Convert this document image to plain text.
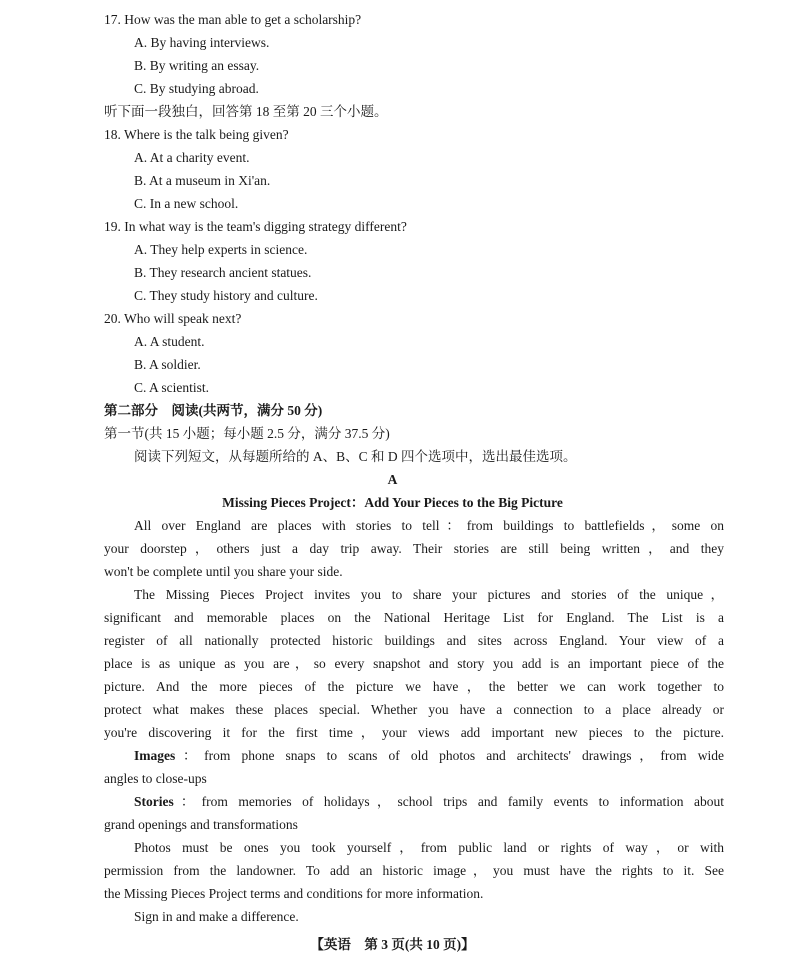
17. How was the man able to get a scholarship?
A. By having interviews.
B. By writing an essay.
C. By studying abroad.
听下面一段独白，回答第 18 至第 20 三个小题。
18. Where is the talk being given?
A. At a charity event.
B. At a museum in Xi'an.
C. In a new school.
19. In what way is the team's digging strategy different?
A. They help experts in science.
B. They research ancient statues.
C. They study history and culture.
20. Who will speak next?
A. A student.
B. A soldier.
C. A scientist.
第二部分　阅读(共两节，满分 50 分)
第一节(共 15 小题；每小题 2.5 分，满分 37.5 分)
阅读下列短文，从每题所给的 A、B、C 和 D 四个选项中，选出最佳选项。
A
Missing Pieces Project：Add Your Pieces to the Big Picture
All over England are places with stories to tell：from buildings to battlefields，some on
your doorstep，others just a day trip away. Their stories are still being written，and they
won't be complete until you share your side.
The Missing Pieces Project invites you to share your pictures and stories of the unique，
significant and memorable places on the National Heritage List for England. The List is a
register of all nationally protected historic buildings and sites across England. Your view of a
place is as unique as you are，so every snapshot and story you add is an important piece of the
picture. And the more pieces of the picture we have，the better we can work together to
protect what makes these places special. Whether you have a connection to a place already or
you're discovering it for the first time，your views add important new pieces to the picture.
Images：from phone snaps to scans of old photos and architects' drawings，from wide
angles to close-ups
Stories：from memories of holidays，school trips and family events to information about
grand openings and transformations
Photos must be ones you took yourself，from public land or rights of way，or with
permission from the landowner. To add an historic image，you must have the rights to it. See
the Missing Pieces Project terms and conditions for more information.
Sign in and make a difference.
【英语　第 3 页(共 10 页)】
